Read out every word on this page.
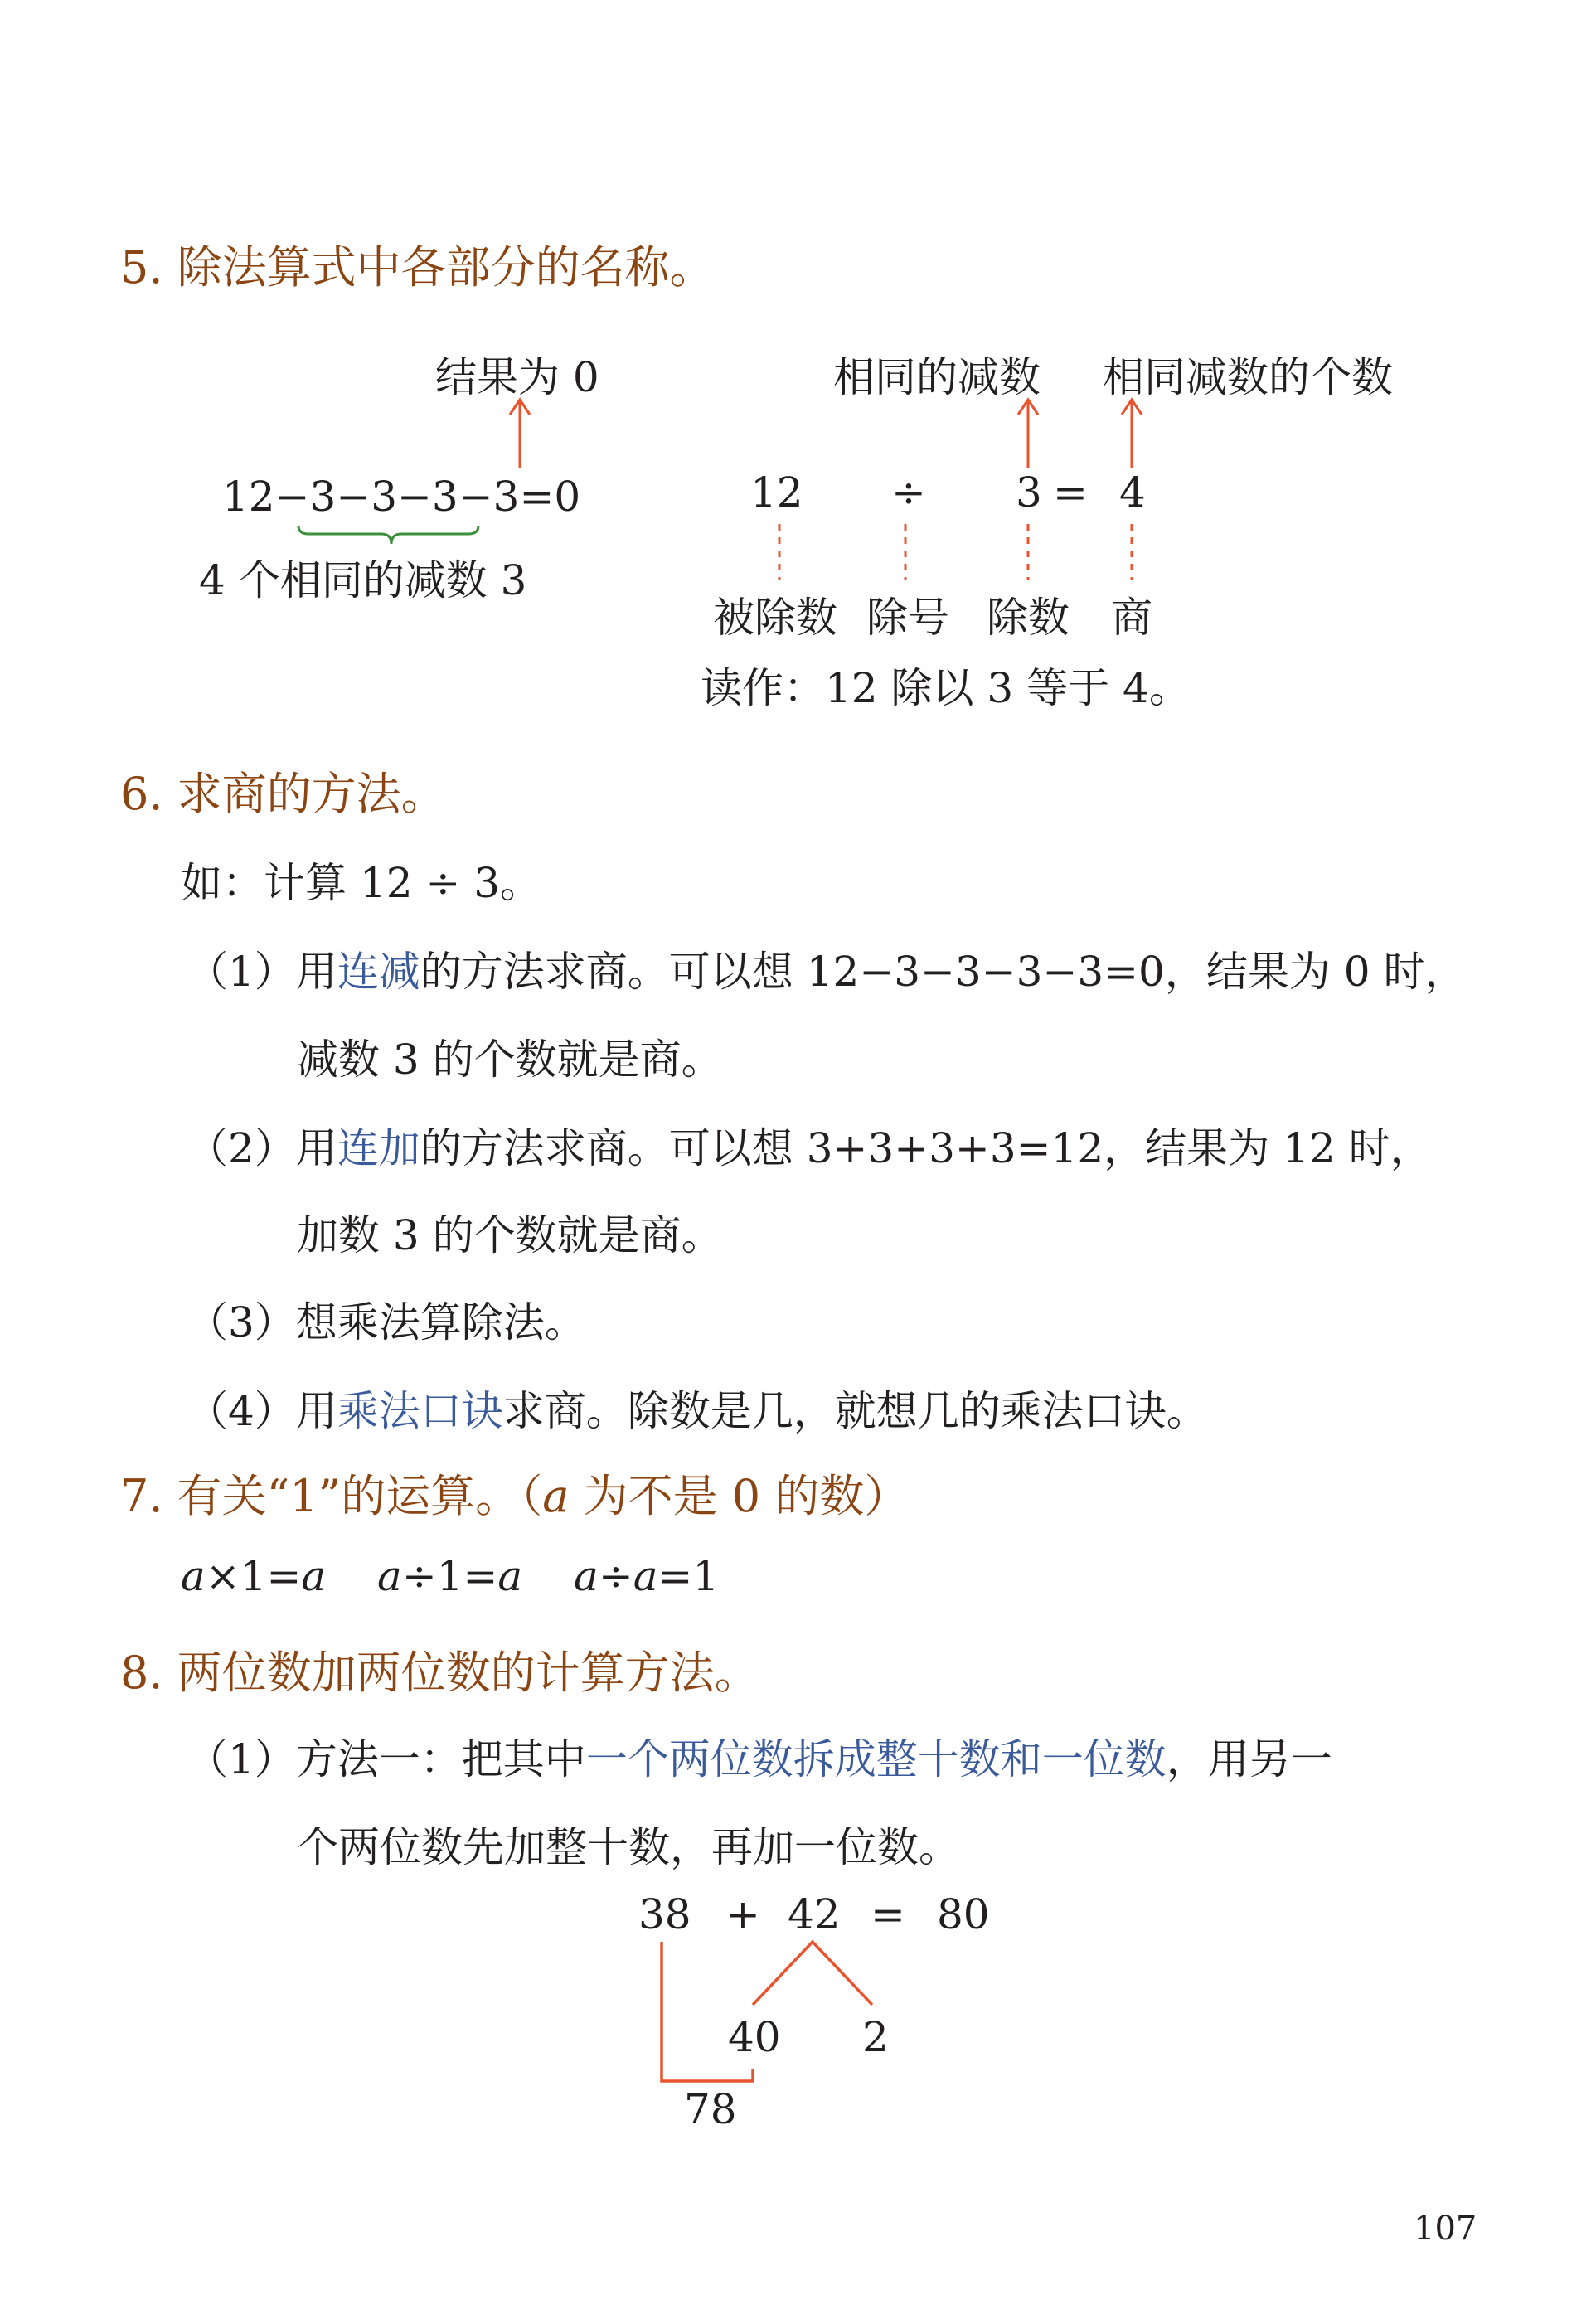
5. 除法算式中各部分的名称。
结果为 0
12−3−3−3−3=0
4 个相同的减数 3
相同的减数 相同减数的个数
12 ÷ 3 = 4
被除数 除号 除数 商
读作：12 除以 3 等于 4。
6. 求商的方法。
如：计算 12 ÷ 3。
（1）用连减的方法求商。可以想 12−3−3−3−3=0，结果为 0 时，
减数 3 的个数就是商。
（2）用连加的方法求商。可以想 3+3+3+3=12，结果为 12 时，
加数 3 的个数就是商。
（3）想乘法算除法。
（4）用乘法口诀求商。除数是几，就想几的乘法口诀。
7. 有关“1”的运算。（a 为不是 0 的数）
a×1=a a÷1=a a÷a=1
8. 两位数加两位数的计算方法。
（1）方法一：把其中一个两位数拆成整十数和一位数，用另一
个两位数先加整十数，再加一位数。
38 + 42 = 80
40 2
78
107
